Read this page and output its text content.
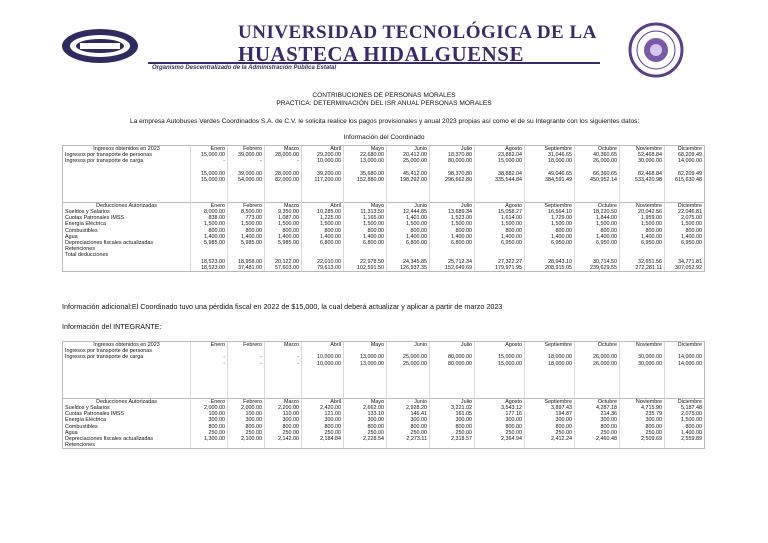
UNIVERSIDAD TECNOLÓGICA DE LA
HUASTECA HIDALGUENSE
Organismo Descentralizado de la Administración Pública Estatal
CONTRIBUCIONES DE PERSONAS MORALES
PRACTICA: DETERMINACIÓN DEL ISR ANUAL PERSONAS MORALES
La empresa Autobuses Verdes Coordinados S.A. de C.V. le solicita realice los pagos provisionales y anual 2023 propias así como el de su Integrante con los siguientes datos:
Información del Coordinado
Ingresos obtenidos en 2023	Enero	Febrero	Marzo	Abril	Mayo	Junio	Julio	Agosto	Septiembre	Octubre	Noviembre	Diciembre
Ingresos por transporte de personas	15,000.00	39,000.00	28,000.00	29,200.00	22,680.00	20,412.00	18,370.80	23,882.04	31,046.65	40,360.65	52,468.84	68,209.49
Ingresos por transporte de carga	-	-	-	10,000.00	13,000.00	25,000.00	80,000.00	15,000.00	18,000.00	26,000.00	30,000.00	14,000.00

	15,000.00	39,000.00	28,000.00	39,200.00	35,680.00	45,412.00	98,370.80	38,882.04	49,046.65	66,360.65	82,468.84	82,209.49
	15,000.00	54,000.00	82,000.00	117,200.00	152,880.00	198,292.00	296,662.80	335,544.84	384,591.49	450,952.14	533,420.98	615,630.48

Deducciones Autorizadas	Enero	Febrero	Marzo	Abril	Mayo	Junio	Julio	Agosto	Septiembre	Octubre	Noviembre	Diciembre
Sueldos y Salarios	8,000.00	8,500.00	9,350.00	10,285.00	11,313.50	12,444.85	13,689.34	15,058.27	16,564.10	18,220.50	20,042.56	22,046.81
Cuotas Patronales IMSS	838.00	773.00	1,087.00	1,225.00	1,165.00	1,401.00	1,523.00	1,614.00	1,729.00	1,844.00	1,959.00	2,075.00
Energía Eléctrica	1,500.00	1,500.00	1,500.00	1,500.00	1,500.00	1,500.00	1,500.00	1,500.00	1,500.00	1,500.00	1,500.00	1,500.00
Combustibles	800.00	800.00	800.00	800.00	800.00	800.00	800.00	800.00	800.00	800.00	800.00	800.00
Agua	1,400.00	1,400.00	1,400.00	1,400.00	1,400.00	1,400.00	1,400.00	1,400.00	1,400.00	1,400.00	1,400.00	1,400.00
Depreciaciones fiscales actualizadas	5,985.00	5,985.00	5,985.00	6,800.00	6,800.00	6,800.00	6,800.00	6,950.00	6,950.00	6,950.00	6,950.00	6,950.00
Retenciones												
Total deducciones												
	18,523.00	18,958.00	20,122.00	22,010.00	22,978.50	24,345.85	25,712.34	27,322.27	28,943.10	30,714.50	32,651.56	34,771.81
	18,523.00	37,481.00	57,603.00	79,613.00	102,591.50	126,937.35	152,649.69	179,971.95	208,915.05	239,629.55	272,281.11	307,052.92
Información adicional:El Coordinado tuvo una pérdida fiscal en 2022 de $15,000, la cual deberá actualizar y aplicar a partir de marzo 2023
Información del INTEGRANTE:
Ingresos obtenidos en 2023	Enero	Febrero	Marzo	Abril	Mayo	Junio	Julio	Agosto	Septiembre	Octubre	Noviembre	Diciembre
Ingresos por transporte de personas												
Ingresos por transporte de carga	-	-	-	10,000.00	13,000.00	25,000.00	80,000.00	15,000.00	18,000.00	26,000.00	30,000.00	14,000.00
	-	-	-	10,000.00	13,000.00	25,000.00	80,000.00	15,000.00	18,000.00	26,000.00	30,000.00	14,000.00

Deducciones Autorizadas	Enero	Febrero	Marzo	Abril	Mayo	Junio	Julio	Agosto	Septiembre	Octubre	Noviembre	Diciembre
Sueldos y Salarios	2,000.00	2,000.00	2,200.00	2,420.00	2,662.00	2,928.20	3,221.02	3,543.12	3,897.43	4,287.18	4,715.90	5,187.48
Cuotas Patronales IMSS	100.00	100.00	110.00	121.00	133.10	146.41	161.05	177.16	194.87	214.36	235.79	2,075.00
Energía Eléctrica	300.00	300.00	300.00	300.00	300.00	300.00	300.00	300.00	300.00	300.00	300.00	1,500.00
Combustibles	800.00	800.00	800.00	800.00	800.00	800.00	800.00	800.00	800.00	800.00	800.00	800.00
Agua	250.00	250.00	250.00	250.00	250.00	250.00	250.00	250.00	250.00	250.00	250.00	1,400.00
Depreciaciones fiscales actualizadas	1,300.00	2,100.00	2,142.00	2,184.84	2,228.54	2,273.11	2,318.57	2,364.94	2,412.24	2,460.48	2,509.69	2,559.89
Retenciones												
